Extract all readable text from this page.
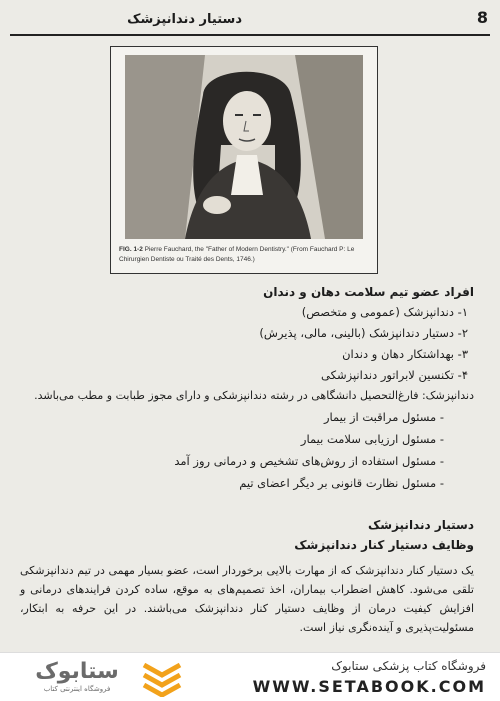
8
دستیار دندانپزشک
FIG. 1-2 Pierre Fauchard, the "Father of Modern Dentistry." (From Fauchard P: Le Chirurgien Dentiste ou Traité des Dents, 1746.)

افراد عضو تیم سلامت دهان و دندان

۱- دندانپزشک (عمومی و متخصص)

۲- دستیار دندانپزشک (بالینی، مالی، پذیرش)

۳- بهداشتکار دهان و دندان

۴- تکنسین لابراتور دندانپزشکی

دندانپزشک: فارغ‌التحصیل دانشگاهی در رشته دندانپزشکی و دارای مجوز طبابت و مطب می‌باشد.

- مسئول مراقبت از بیمار

- مسئول ارزیابی سلامت بیمار

- مسئول استفاده از روش‌های تشخیص و درمانی روز آمد

- مسئول نظارت قانونی بر دیگر اعضای تیم

دستیار دندانپزشک

وظایف دستیار کنار دندانپزشک

یک دستیار کنار دندانپزشک که از مهارت بالایی برخوردار است، عضو بسیار مهمی در تیم دندانپزشکی تلقی می‌شود. کاهش اضطراب بیماران، اخذ تصمیم‌های به موقع، ساده کردن فرایندهای درمانی و افزایش کیفیت درمان از وظایف دستیار کنار دندانپزشک می‌باشند. در این حرفه به ابتکار، مسئولیت‌پذیری و آینده‌نگری نیاز است.

ستابوک
فروشگاه اینترنتی کتاب
فروشگاه کتاب پزشکی ستابوک
WWW.SETABOOK.COM
